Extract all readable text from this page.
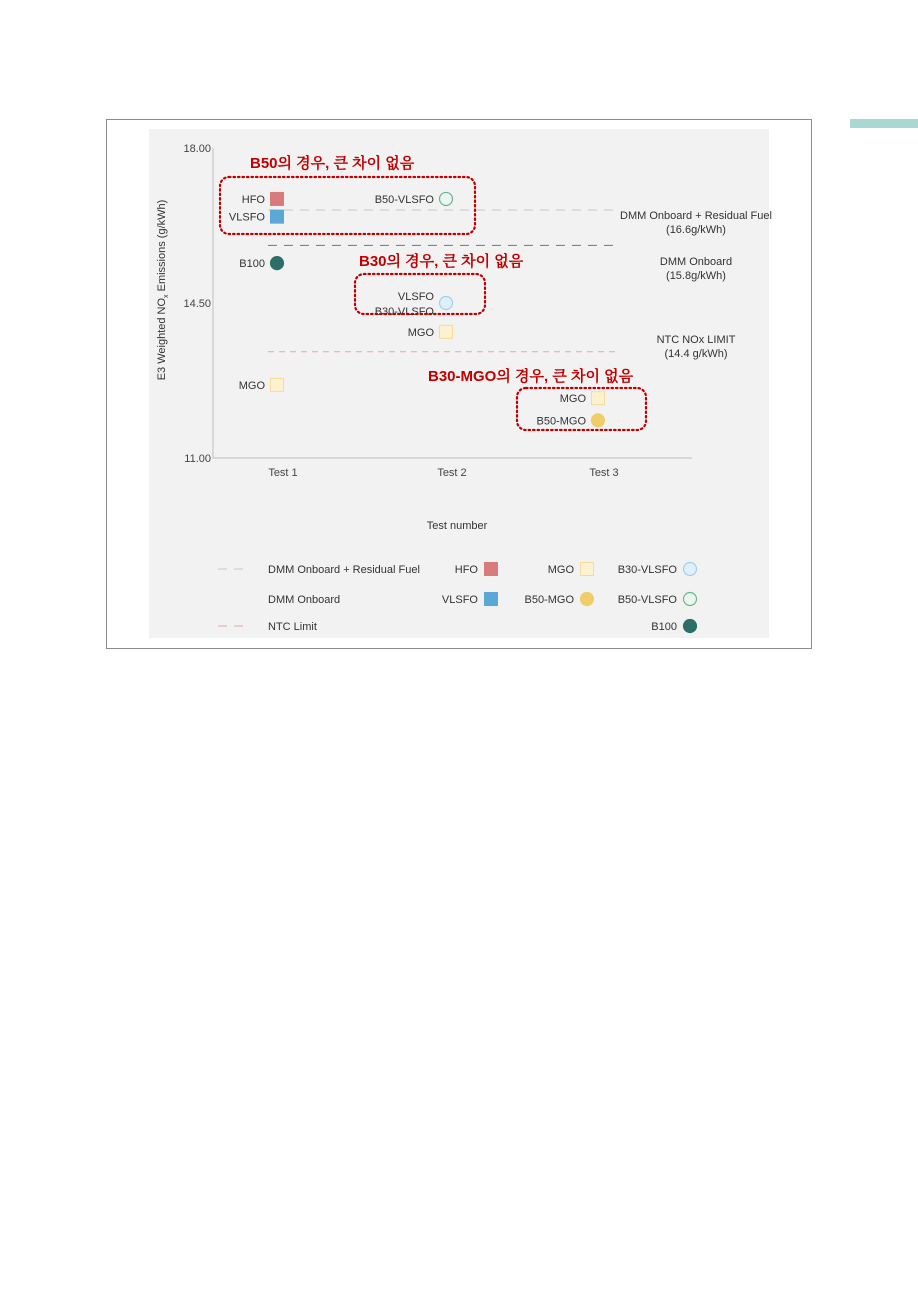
DMM Onboard + Residual Fuel
(16.6g/kWh)
DMM Onboard
(15.8g/kWh)
NTC NOx LIMIT
(14.4 g/kWh)
18.00
14.50
11.00
Test 1	Test 2	Test 3
Test number
E3 Weighted $NO_x$ Emissions (g/kWh)	HFO
VLSFO
B100
MGO
B50-VLSFO
VLSFO
B30-VLSFO
MGO
MGO
B50-MGO
DMM Onboard + Residual Fuel
DMM Onboard
NTC Limit
HFO
VLSFO
MGO
B50-MGO
B30-VLSFO
B50-VLSFO
B100
B50의 경우, 큰 차이 없음
B30의 경우, 큰 차이 없음
B30-MGO의 경우, 큰 차이 없음
